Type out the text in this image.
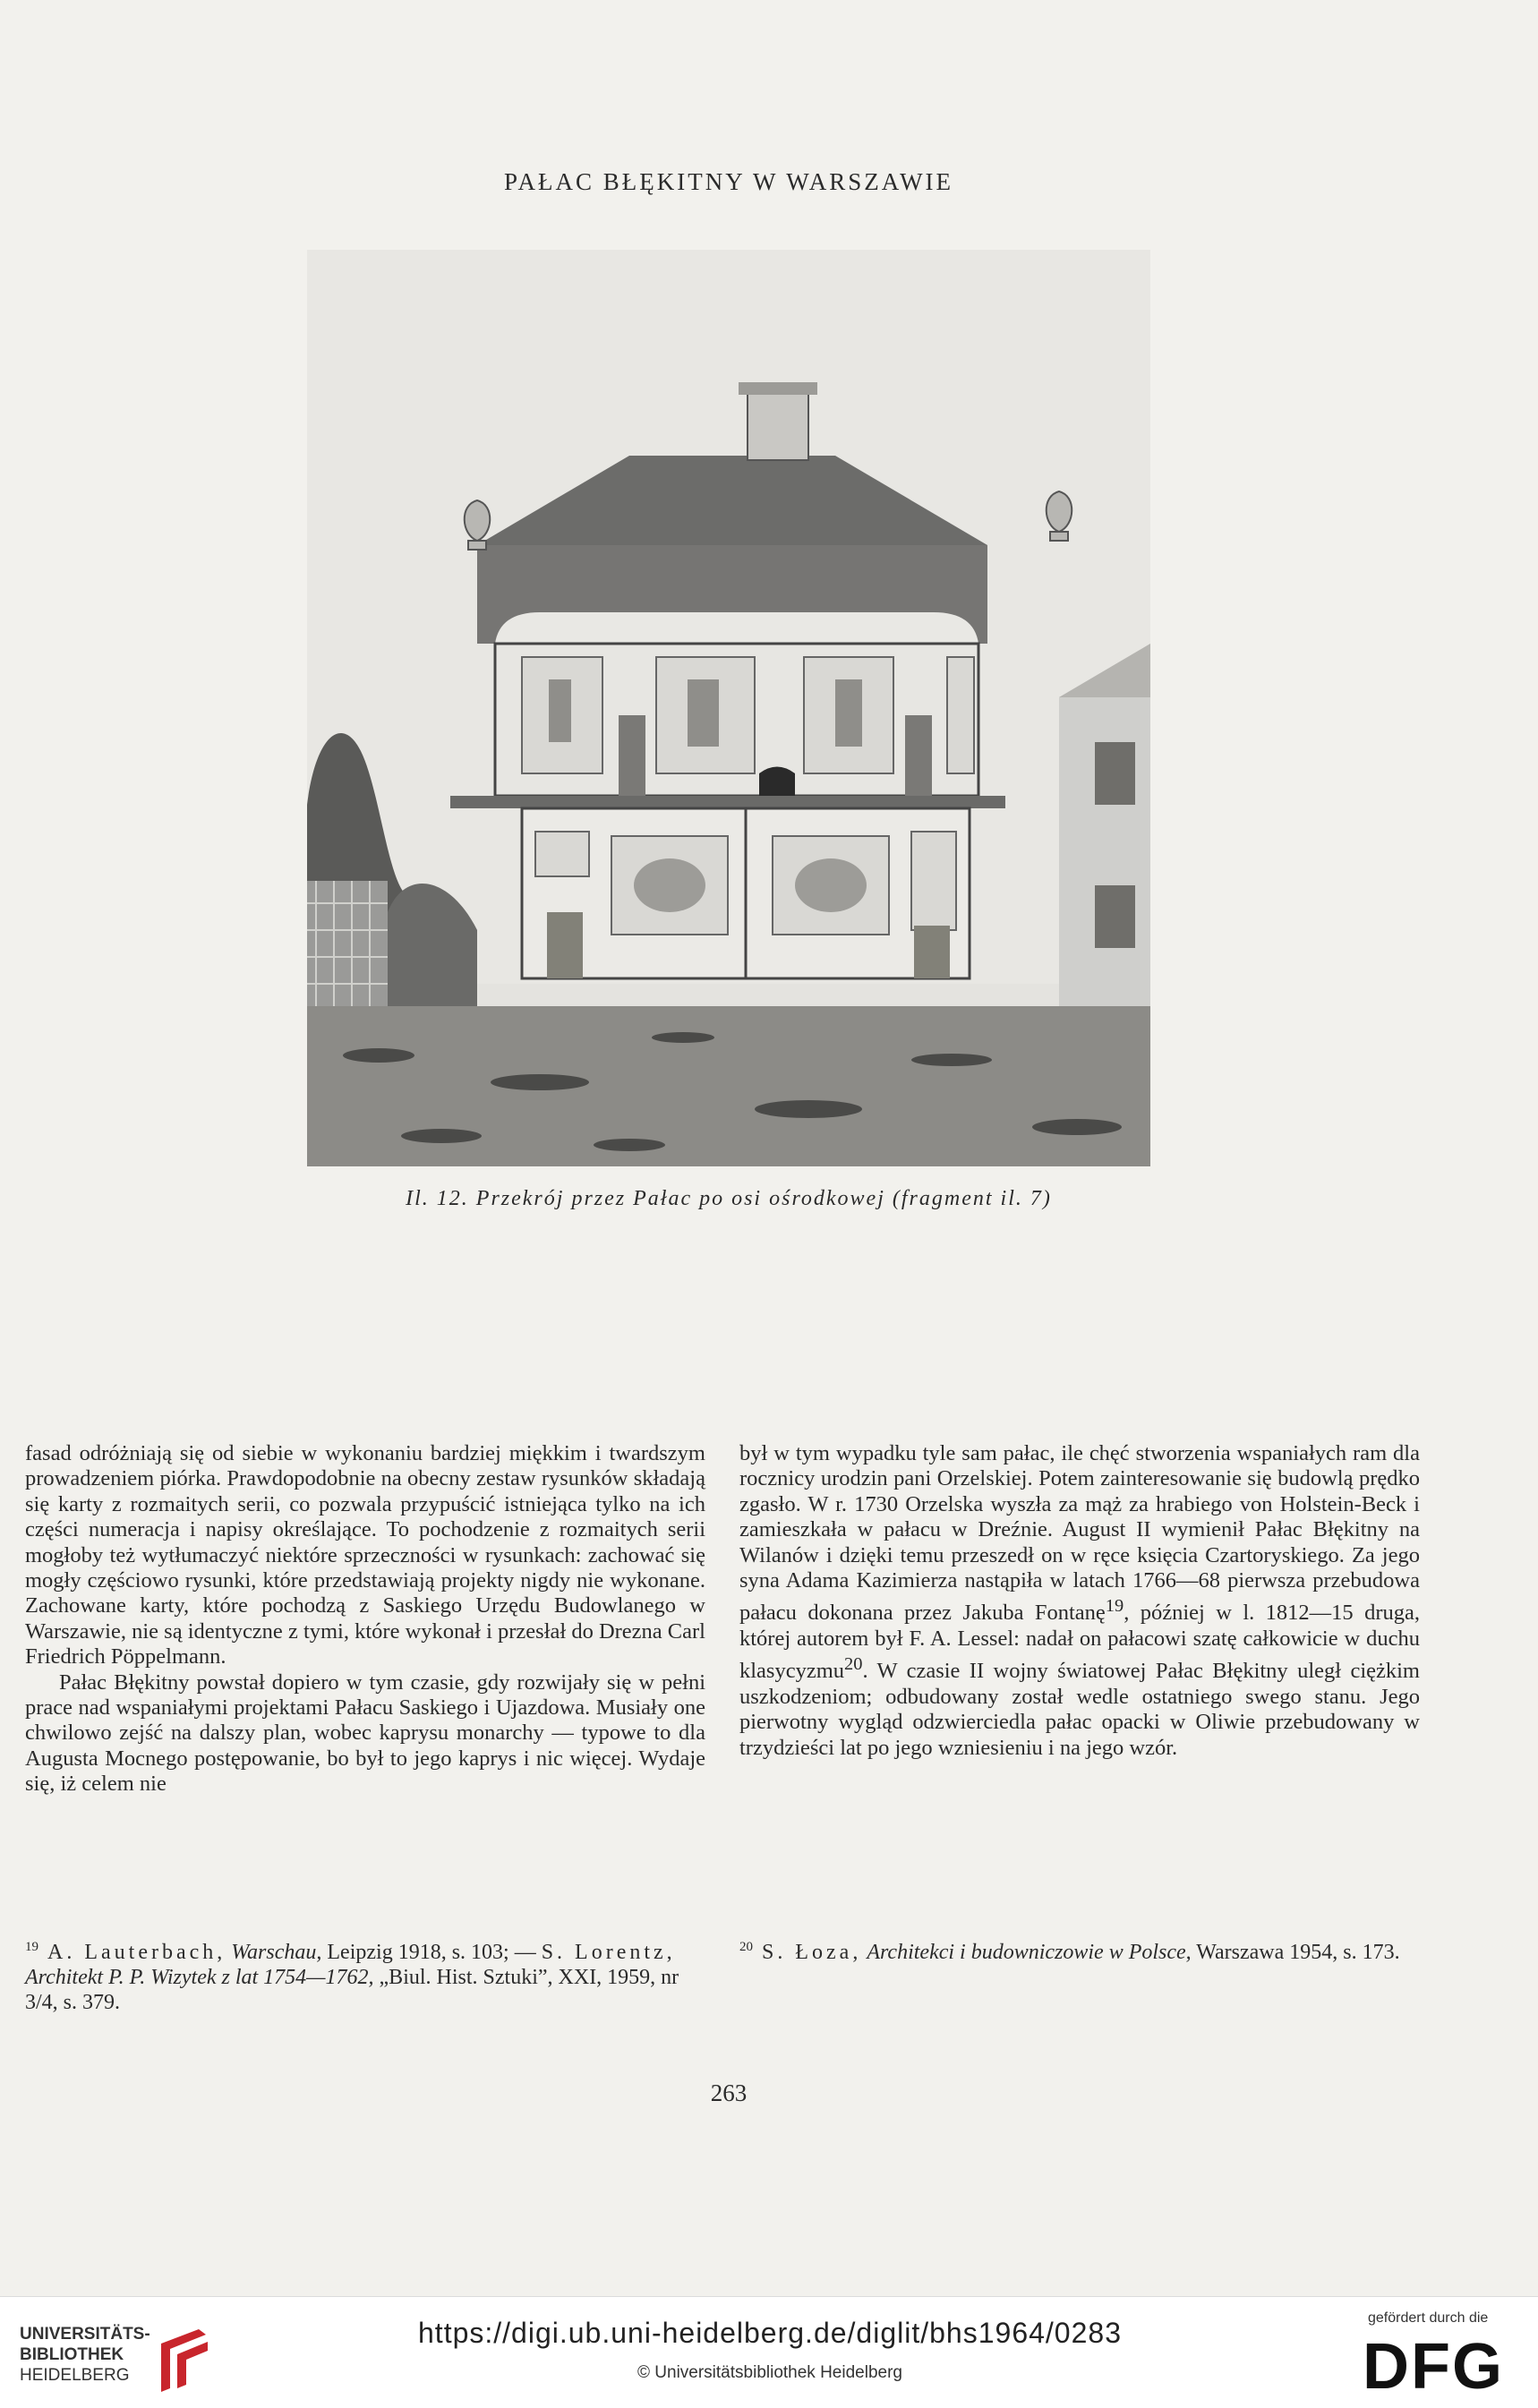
PAŁAC BŁĘKITNY W WARSZAWIE
Il. 12. Przekrój przez Pałac po osi ośrodkowej (fragment il. 7)

fasad odróżniają się od siebie w wykonaniu bardziej miękkim i twardszym prowadzeniem piórka. Prawdopodobnie na obecny zestaw rysunków składają się karty z rozmaitych serii, co pozwala przypuścić istniejąca tylko na ich części numeracja i napisy określające. To pochodzenie z rozmaitych serii mogłoby też wytłumaczyć niektóre sprzeczności w rysunkach: zachować się mogły częściowo rysunki, które przedstawiają projekty nigdy nie wykonane. Zachowane karty, które pochodzą z Saskiego Urzędu Budowlanego w Warszawie, nie są identyczne z tymi, które wykonał i przesłał do Drezna Carl Friedrich Pöppelmann.

Pałac Błękitny powstał dopiero w tym czasie, gdy rozwijały się w pełni prace nad wspaniałymi projektami Pałacu Saskiego i Ujazdowa. Musiały one chwilowo zejść na dalszy plan, wobec kaprysu monarchy — typowe to dla Augusta Mocnego postępowanie, bo był to jego kaprys i nic więcej. Wydaje się, iż celem nie

był w tym wypadku tyle sam pałac, ile chęć stworzenia wspaniałych ram dla rocznicy urodzin pani Orzelskiej. Potem zainteresowanie się budowlą prędko zgasło. W r. 1730 Orzelska wyszła za mąż za hrabiego von Holstein-Beck i zamieszkała w pałacu w Dreźnie. August II wymienił Pałac Błękitny na Wilanów i dzięki temu przeszedł on w ręce księcia Czartoryskiego. Za jego syna Adama Kazimierza nastąpiła w latach 1766—68 pierwsza przebudowa pałacu dokonana przez Jakuba Fontanę$^{19}$, później w l. 1812—15 druga, której autorem był F. A. Lessel: nadał on pałacowi szatę całkowicie w duchu klasycyzmu$^{20}$. W czasie II wojny światowej Pałac Błękitny uległ ciężkim uszkodzeniom; odbudowany został wedle ostatniego swego stanu. Jego pierwotny wygląd odzwierciedla pałac opacki w Oliwie przebudowany w trzydzieści lat po jego wzniesieniu i na jego wzór.

$^{19}$ A. Lauterbach, Warschau, Leipzig 1918, s. 103; — S. Lorentz, Architekt P. P. Wizytek z lat 1754—1762, „Biul. Hist. Sztuki”, XXI, 1959, nr 3/4, s. 379.
$^{20}$ S. Łoza, Architekci i budowniczowie w Polsce, Warszawa 1954, s. 173.
263
UNIVERSITÄTS-
BIBLIOTHEK
HEIDELBERG
https://digi.ub.uni-heidelberg.de/diglit/bhs1964/0283
© Universitätsbibliothek Heidelberg
gefördert durch die
DFG
